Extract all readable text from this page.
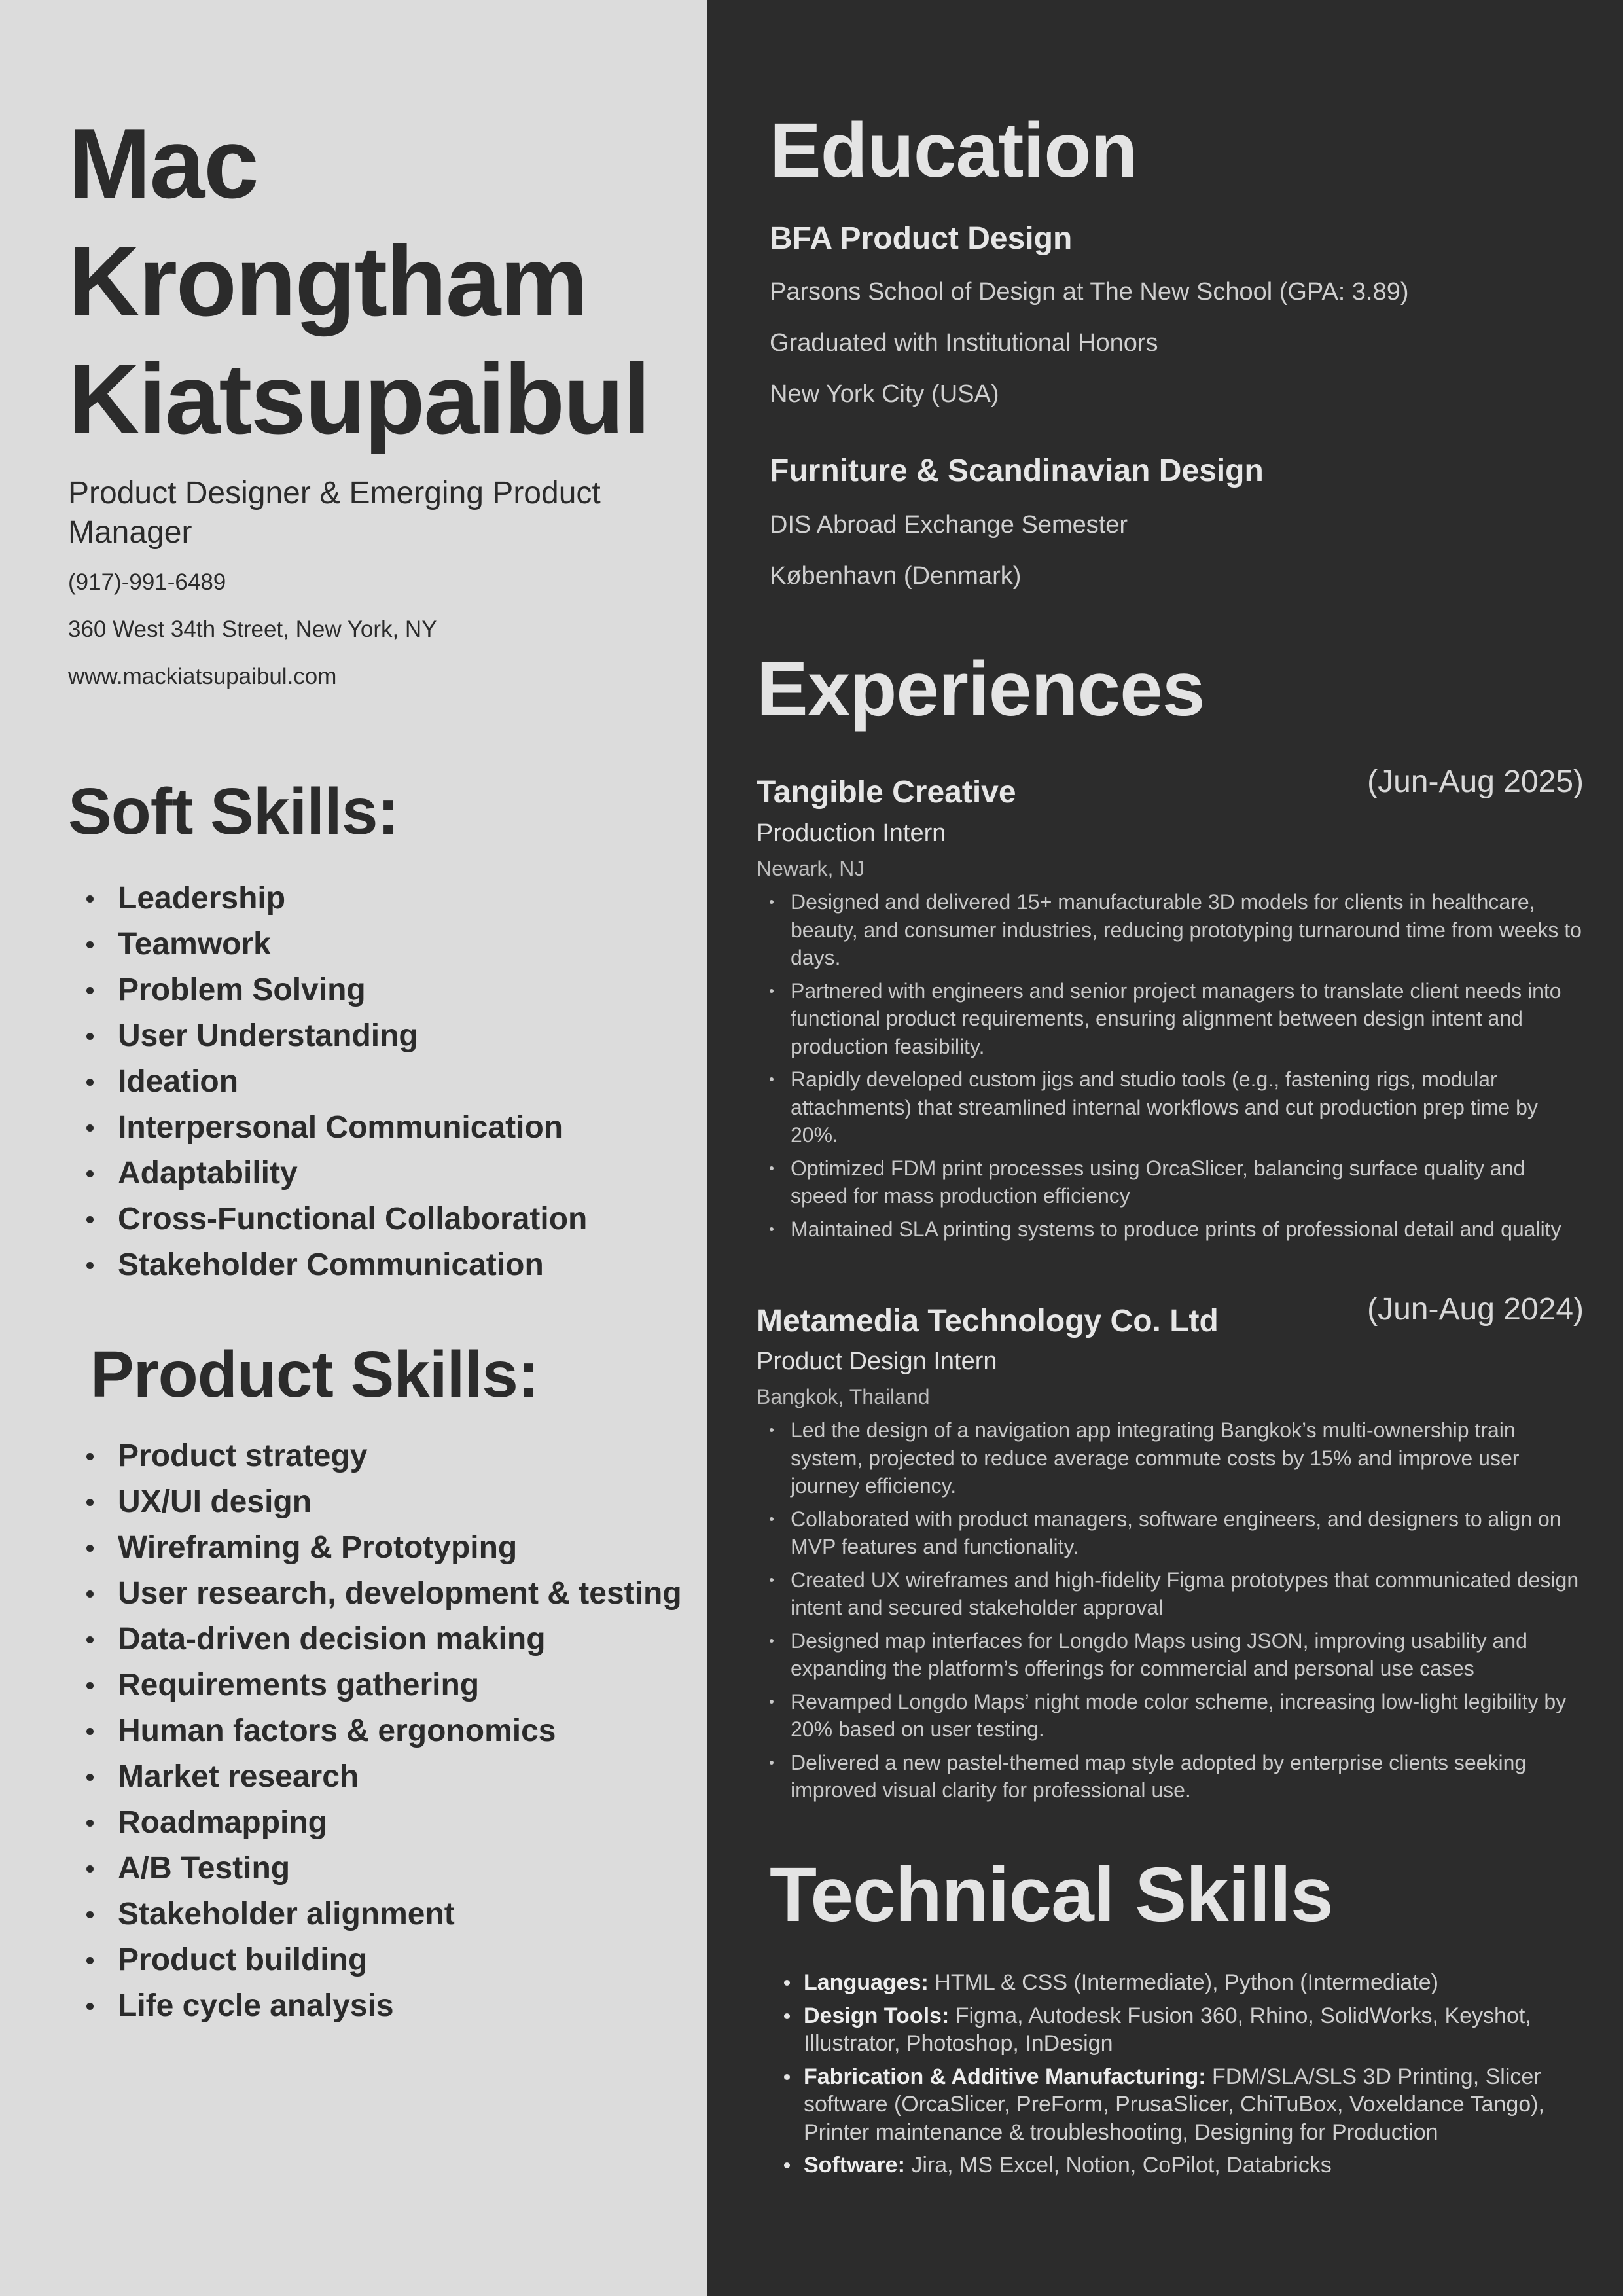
Mac
Krongtham
Kiatsupaibul
Product Designer & Emerging Product Manager
(917)-991-6489
360 West 34th Street, New York, NY
www.mackiatsupaibul.com
Soft Skills:
Leadership
Teamwork
Problem Solving
User Understanding
Ideation
Interpersonal Communication
Adaptability
Cross-Functional Collaboration
Stakeholder Communication
Product Skills:
Product strategy
UX/UI design
Wireframing & Prototyping
User research, development & testing
Data-driven decision making
Requirements gathering
Human factors & ergonomics
Market research
Roadmapping
A/B Testing
Stakeholder alignment
Product building
Life cycle analysis
Education
BFA Product Design
Parsons School of Design at The New School (GPA: 3.89)
Graduated with Institutional Honors
New York City (USA)
Furniture & Scandinavian Design
DIS Abroad Exchange Semester
København (Denmark)
Experiences
Tangible Creative	(Jun-Aug 2025)
Production Intern
Newark, NJ
Designed and delivered 15+ manufacturable 3D models for clients in healthcare, beauty, and consumer industries, reducing prototyping turnaround time from weeks to days.
Partnered with engineers and senior project managers to translate client needs into functional product requirements, ensuring alignment between design intent and production feasibility.
Rapidly developed custom jigs and studio tools (e.g., fastening rigs, modular attachments) that streamlined internal workflows and cut production prep time by 20%.
Optimized FDM print processes using OrcaSlicer, balancing surface quality and speed for mass production efficiency
Maintained SLA printing systems to produce prints of professional detail and quality
Metamedia Technology Co. Ltd	(Jun-Aug 2024)
Product Design Intern
Bangkok, Thailand
Led the design of a navigation app integrating Bangkok’s multi-ownership train system, projected to reduce average commute costs by 15% and improve user journey efficiency.
Collaborated with product managers, software engineers, and designers to align on MVP features and functionality.
Created UX wireframes and high-fidelity Figma prototypes that communicated design intent and secured stakeholder approval
Designed map interfaces for Longdo Maps using JSON, improving usability and expanding the platform’s offerings for commercial and personal use cases
Revamped Longdo Maps’ night mode color scheme, increasing low-light legibility by 20% based on user testing.
Delivered a new pastel-themed map style adopted by enterprise clients seeking improved visual clarity for professional use.
Technical Skills
Languages: HTML & CSS (Intermediate), Python (Intermediate)
Design Tools: Figma, Autodesk Fusion 360, Rhino, SolidWorks, Keyshot, Illustrator, Photoshop, InDesign
Fabrication & Additive Manufacturing: FDM/SLA/SLS 3D Printing, Slicer software (OrcaSlicer, PreForm, PrusaSlicer, ChiTuBox, Voxeldance Tango), Printer maintenance & troubleshooting, Designing for Production
Software: Jira, MS Excel, Notion, CoPilot, Databricks
